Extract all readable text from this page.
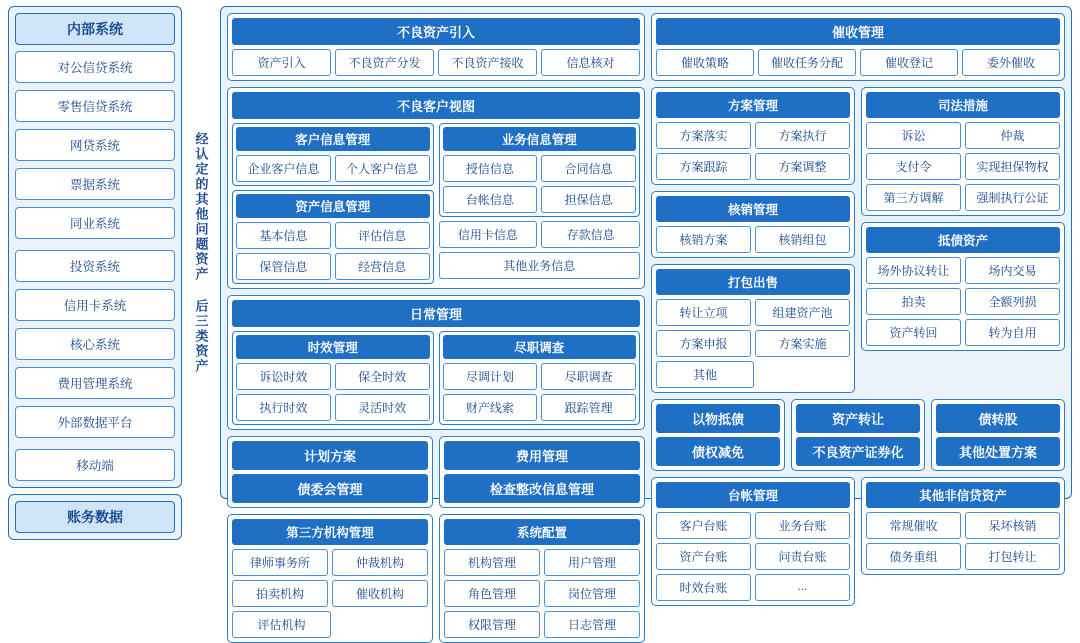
内部系统
对公信贷系统
零售信贷系统
网贷系统
票据系统
同业系统
投资系统
信用卡系统
核心系统
费用管理系统
外部数据平台
移动端
账务数据
经认定的其他问题资产 后三类资产
不良资产引入
资产引入	不良资产分发	不良资产接收	信息核对
不良客户视图
客户信息管理
企业客户信息	个人客户信息
资产信息管理
基本信息	评估信息
保管信息	经营信息
业务信息管理
授信信息	合同信息
台帐信息	担保信息
信用卡信息	存款信息
其他业务信息
日常管理
时效管理
诉讼时效	保全时效
执行时效	灵活时效
尽职调查
尽调计划	尽职调查
财产线索	跟踪管理
计划方案
债委会管理
费用管理
检查整改信息管理
第三方机构管理
律师事务所	仲裁机构
拍卖机构	催收机构
评估机构
系统配置
机构管理	用户管理
角色管理	岗位管理
权限管理	日志管理
催收管理
催收策略	催收任务分配	催收登记	委外催收
方案管理
方案落实	方案执行
方案跟踪	方案调整
核销管理
核销方案	核销组包
打包出售
转让立项	组建资产池
方案申报	方案实施
其他
司法措施
诉讼	仲裁
支付令	实现担保物权
第三方调解	强制执行公证
抵债资产
场外协议转让	场内交易
拍卖	全额列损
资产转回	转为自用
以物抵债
债权减免
资产转让
不良资产证券化
债转股
其他处置方案
台帐管理
客户台账	业务台账
资产台账	问责台账
时效台账	...
其他非信贷资产
常规催收	呆坏核销
债务重组	打包转让
